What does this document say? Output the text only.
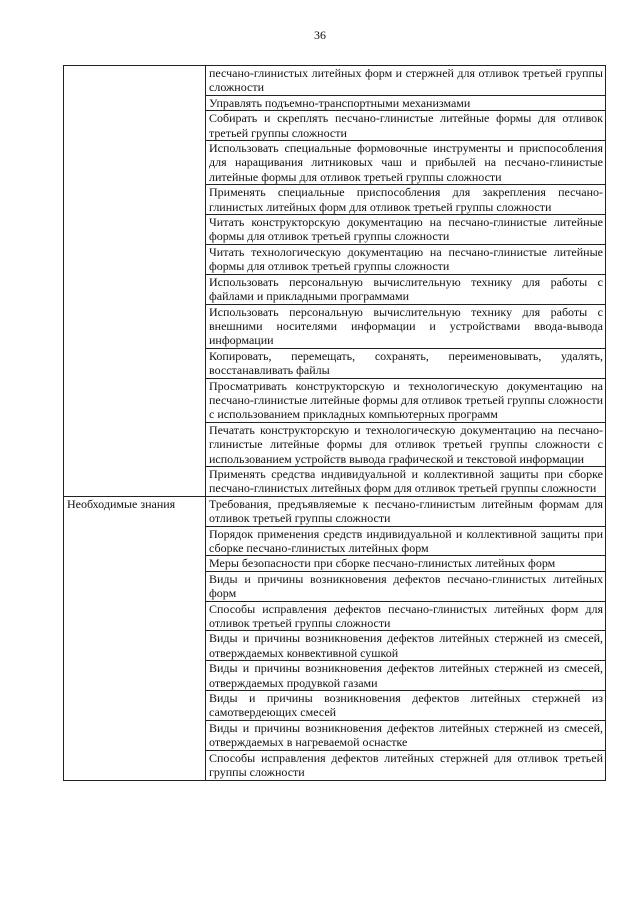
36

	песчано-глинистых литейных форм и стержней для отливок третьей группы сложности

	Управлять подъемно-транспортными механизмами

	Собирать и скреплять песчано-глинистые литейные формы для отливок третьей группы сложности

	Использовать специальные формовочные инструменты и приспособления для наращивания литниковых чаш и прибылей на песчано-глинистые литейные формы для отливок третьей группы сложности

	Применять специальные приспособления для закрепления песчано-глинистых литейных форм для отливок третьей группы сложности

	Читать конструкторскую документацию на песчано-глинистые литейные формы для отливок третьей группы сложности

	Читать технологическую документацию на песчано-глинистые литейные формы для отливок третьей группы сложности

	Использовать персональную вычислительную технику для работы с файлами и прикладными программами

	Использовать персональную вычислительную технику для работы с внешними носителями информации и устройствами ввода-вывода информации

	Копировать, перемещать, сохранять, переименовывать, удалять, восстанавливать файлы

	Просматривать конструкторскую и технологическую документацию на песчано-глинистые литейные формы для отливок третьей группы сложности с использованием прикладных компьютерных программ

	Печатать конструкторскую и технологическую документацию на песчано-глинистые литейные формы для отливок третьей группы сложности с использованием устройств вывода графической и текстовой информации

	Применять средства индивидуальной и коллективной защиты при сборке песчано-глинистых литейных форм для отливок третьей группы сложности

Необходимые знания	Требования, предъявляемые к песчано-глинистым литейным формам для отливок третьей группы сложности

	Порядок применения средств индивидуальной и коллективной защиты при сборке песчано-глинистых литейных форм

	Меры безопасности при сборке песчано-глинистых литейных форм

	Виды и причины возникновения дефектов песчано-глинистых литейных форм

	Способы исправления дефектов песчано-глинистых литейных форм для отливок третьей группы сложности

	Виды и причины возникновения дефектов литейных стержней из смесей, отверждаемых конвективной сушкой

	Виды и причины возникновения дефектов литейных стержней из смесей, отверждаемых продувкой газами

	Виды и причины возникновения дефектов литейных стержней из самотвердеющих смесей

	Виды и причины возникновения дефектов литейных стержней из смесей, отверждаемых в нагреваемой оснастке

	Способы исправления дефектов литейных стержней для отливок третьей группы сложности
